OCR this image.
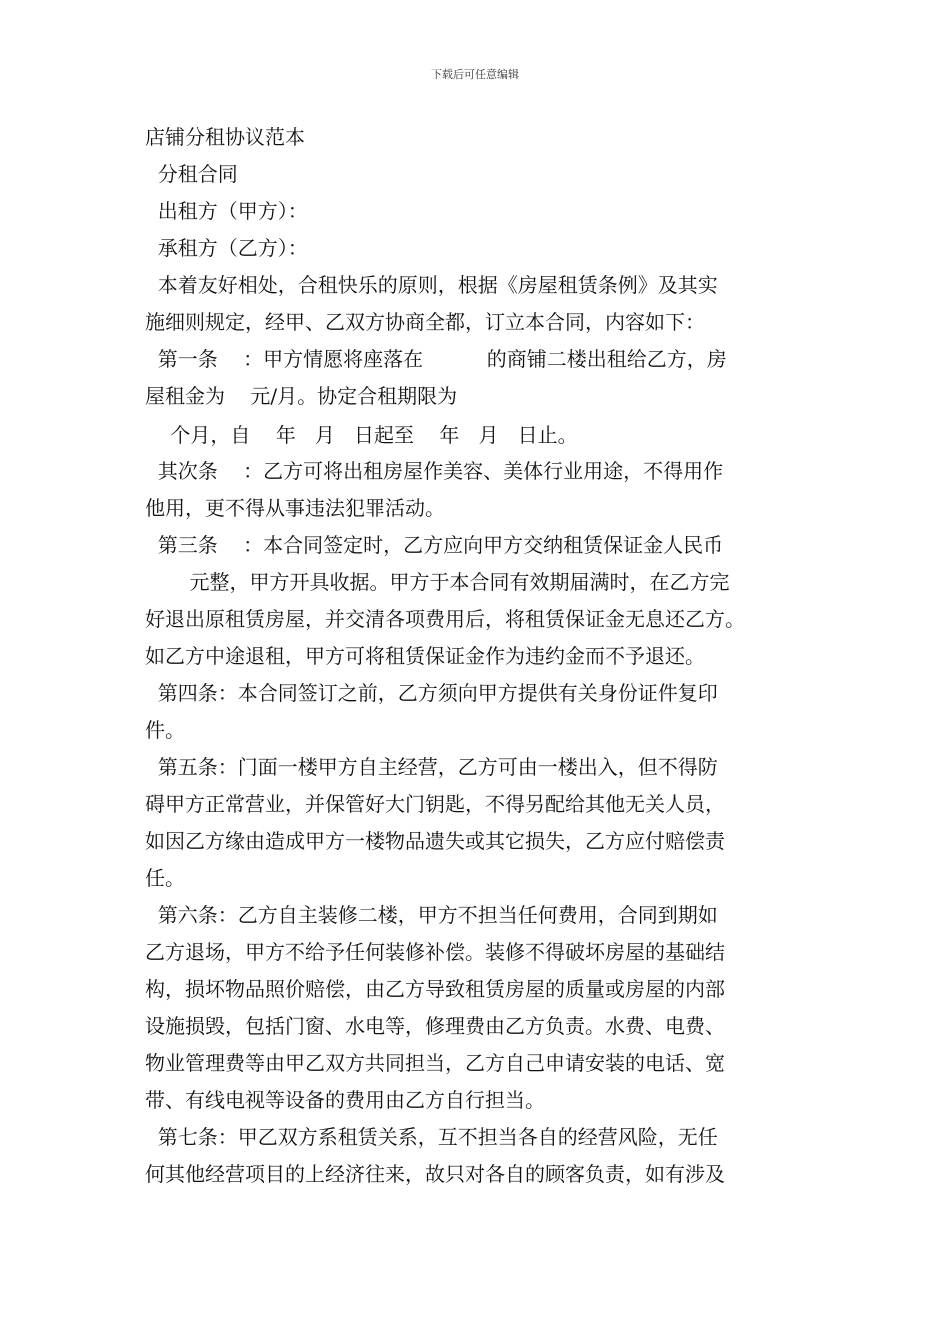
下载后可任意编辑
店铺分租协议范本
分租合同
出租方（甲方）：
承租方（乙方）：
本着友好相处，合租快乐的原则，根据《房屋租赁条例》及其实
施细则规定，经甲、乙双方协商全都，订立本合同，内容如下：
第一条    ：甲方情愿将座落在          的商铺二楼出租给乙方，房
屋租金为    元/月。协定合租期限为
个月，自    年   月   日起至    年   月   日止。
其次条    ：乙方可将出租房屋作美容、美体行业用途，不得用作
他用，更不得从事违法犯罪活动。
第三条    ：本合同签定时，乙方应向甲方交纳租赁保证金人民币
元整，甲方开具收据。甲方于本合同有效期届满时，在乙方完
好退出原租赁房屋，并交清各项费用后，将租赁保证金无息还乙方。
如乙方中途退租，甲方可将租赁保证金作为违约金而不予退还。
第四条：本合同签订之前，乙方须向甲方提供有关身份证件复印
件。
第五条：门面一楼甲方自主经营，乙方可由一楼出入，但不得防
碍甲方正常营业，并保管好大门钥匙，不得另配给其他无关人员，
如因乙方缘由造成甲方一楼物品遗失或其它损失，乙方应付赔偿责
任。
第六条：乙方自主装修二楼，甲方不担当任何费用，合同到期如
乙方退场，甲方不给予任何装修补偿。装修不得破坏房屋的基础结
构，损坏物品照价赔偿，由乙方导致租赁房屋的质量或房屋的内部
设施损毁，包括门窗、水电等，修理费由乙方负责。水费、电费、
物业管理费等由甲乙双方共同担当，乙方自己申请安装的电话、宽
带、有线电视等设备的费用由乙方自行担当。
第七条：甲乙双方系租赁关系，互不担当各自的经营风险，无任
何其他经营项目的上经济往来，故只对各自的顾客负责，如有涉及
